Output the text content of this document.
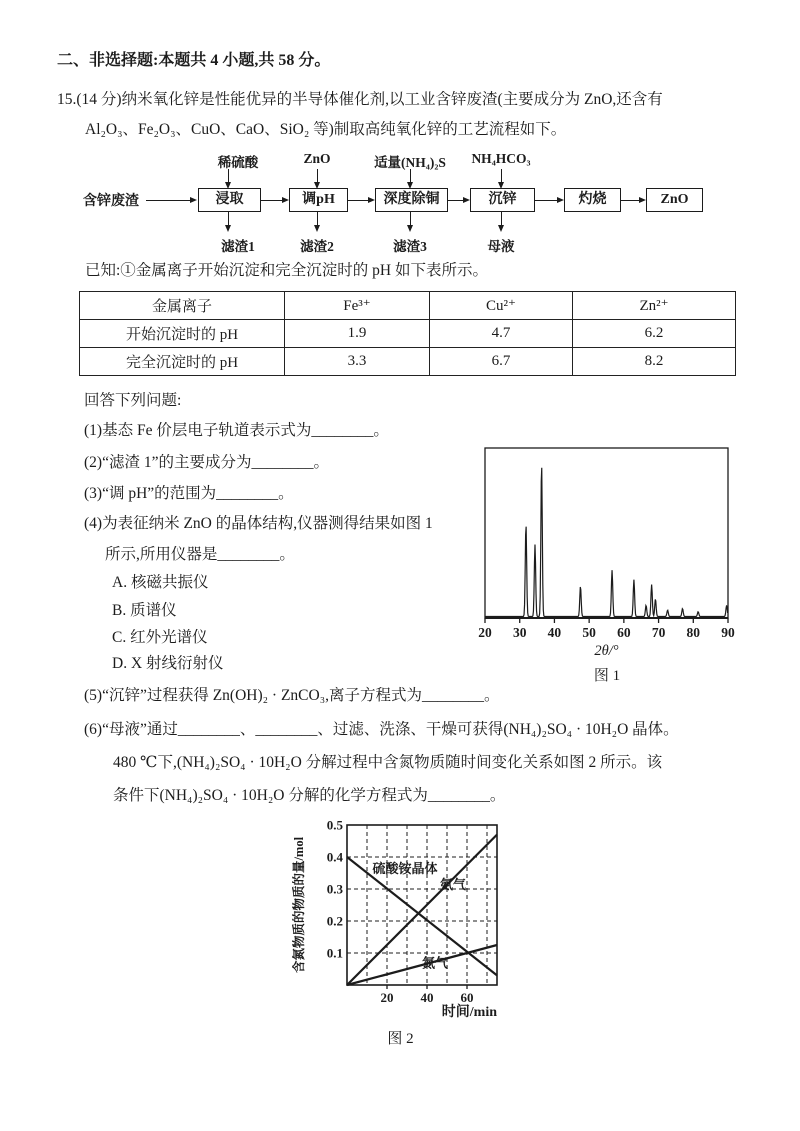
二、非选择题:本题共 4 小题,共 58 分。
15.(14 分)纳米氧化锌是性能优异的半导体催化剂,以工业含锌废渣(主要成分为 ZnO,还含有
Al₂O₃、Fe₂O₃、CuO、CaO、SiO₂ 等)制取高纯氧化锌的工艺流程如下。
含锌废渣
稀硫酸	ZnO	适量(NH₄)₂S	NH₄HCO₃
浸取	调pH	深度除铜	沉锌	灼烧	ZnO
滤渣1	滤渣2	滤渣3	母液
已知:①金属离子开始沉淀和完全沉淀时的 pH 如下表所示。
金属离子	Fe³⁺	Cu²⁺	Zn²⁺
开始沉淀时的 pH	1.9	4.7	6.2
完全沉淀时的 pH	3.3	6.7	8.2
回答下列问题:
(1)基态 Fe 价层电子轨道表示式为________。
(2)“滤渣 1”的主要成分为________。
(3)“调 pH”的范围为________。
(4)为表征纳米 ZnO 的晶体结构,仪器测得结果如图 1
所示,所用仪器是________。
A. 核磁共振仪
B. 质谱仪
C. 红外光谱仪
D. X 射线衍射仪
(5)“沉锌”过程获得 Zn(OH)₂ · ZnCO₃,离子方程式为________。
(6)“母液”通过________、________、过滤、洗涤、干燥可获得(NH₄)₂SO₄ · 10H₂O 晶体。
480 ℃下,(NH₄)₂SO₄ · 10H₂O 分解过程中含氮物质随时间变化关系如图 2 所示。该
条件下(NH₄)₂SO₄ · 10H₂O 分解的化学方程式为________。
20 30 40 50 60 70 80 90
2θ/°
图 1
0.1
0.2
0.3
0.4
0.5
20 40 60
硫酸铵晶体
氨气
氮气
时间/min
含氮物质的物质的量/mol
图 2
